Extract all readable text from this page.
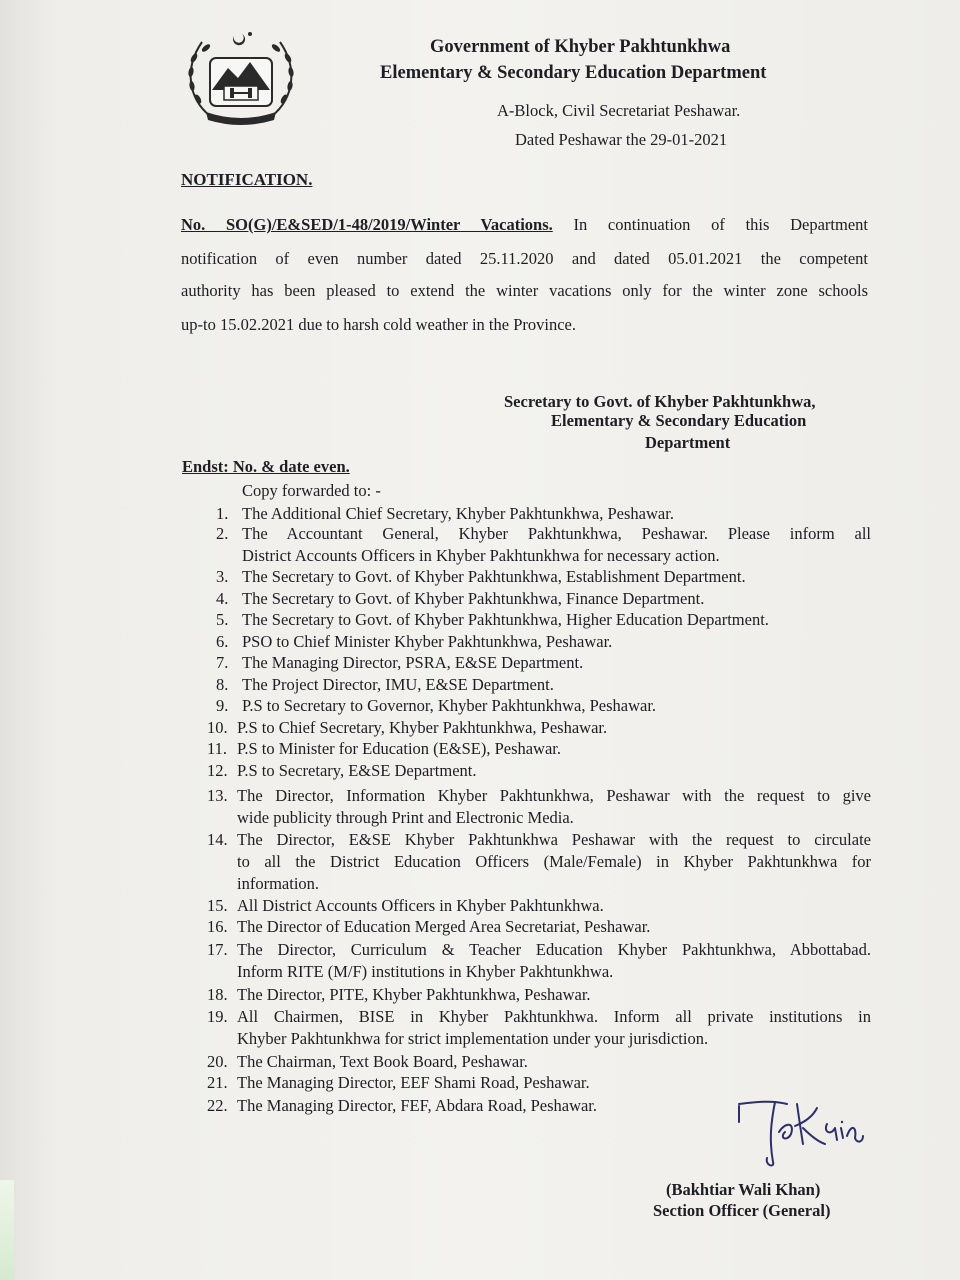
Government of Khyber Pakhtunkhwa
Elementary & Secondary Education Department
A-Block, Civil Secretariat Peshawar.
Dated Peshawar the 29-01-2021
NOTIFICATION.
No. SO(G)/E&SED/1-48/2019/Winter Vacations. In continuation of this Department
notification of even number dated 25.11.2020 and dated 05.01.2021 the competent
authority has been pleased to extend the winter vacations only for the winter zone schools
up-to 15.02.2021 due to harsh cold weather in the Province.
Secretary to Govt. of Khyber Pakhtunkhwa,
Elementary & Secondary Education
Department
Endst: No. & date even.
Copy forwarded to: -
1. The Additional Chief Secretary, Khyber Pakhtunkhwa, Peshawar.
2. The Accountant General, Khyber Pakhtunkhwa, Peshawar. Please inform all
District Accounts Officers in Khyber Pakhtunkhwa for necessary action.
3. The Secretary to Govt. of Khyber Pakhtunkhwa, Establishment Department.
4. The Secretary to Govt. of Khyber Pakhtunkhwa, Finance Department.
5. The Secretary to Govt. of Khyber Pakhtunkhwa, Higher Education Department.
6. PSO to Chief Minister Khyber Pakhtunkhwa, Peshawar.
7. The Managing Director, PSRA, E&SE Department.
8. The Project Director, IMU, E&SE Department.
9. P.S to Secretary to Governor, Khyber Pakhtunkhwa, Peshawar.
10. P.S to Chief Secretary, Khyber Pakhtunkhwa, Peshawar.
11. P.S to Minister for Education (E&SE), Peshawar.
12. P.S to Secretary, E&SE Department.
13. The Director, Information Khyber Pakhtunkhwa, Peshawar with the request to give
wide publicity through Print and Electronic Media.
14. The Director, E&SE Khyber Pakhtunkhwa Peshawar with the request to circulate
to all the District Education Officers (Male/Female) in Khyber Pakhtunkhwa for
information.
15. All District Accounts Officers in Khyber Pakhtunkhwa.
16. The Director of Education Merged Area Secretariat, Peshawar.
17. The Director, Curriculum & Teacher Education Khyber Pakhtunkhwa, Abbottabad.
Inform RITE (M/F) institutions in Khyber Pakhtunkhwa.
18. The Director, PITE, Khyber Pakhtunkhwa, Peshawar.
19. All Chairmen, BISE in Khyber Pakhtunkhwa. Inform all private institutions in
Khyber Pakhtunkhwa for strict implementation under your jurisdiction.
20. The Chairman, Text Book Board, Peshawar.
21. The Managing Director, EEF Shami Road, Peshawar.
22. The Managing Director, FEF, Abdara Road, Peshawar.
(Bakhtiar Wali Khan)
Section Officer (General)
